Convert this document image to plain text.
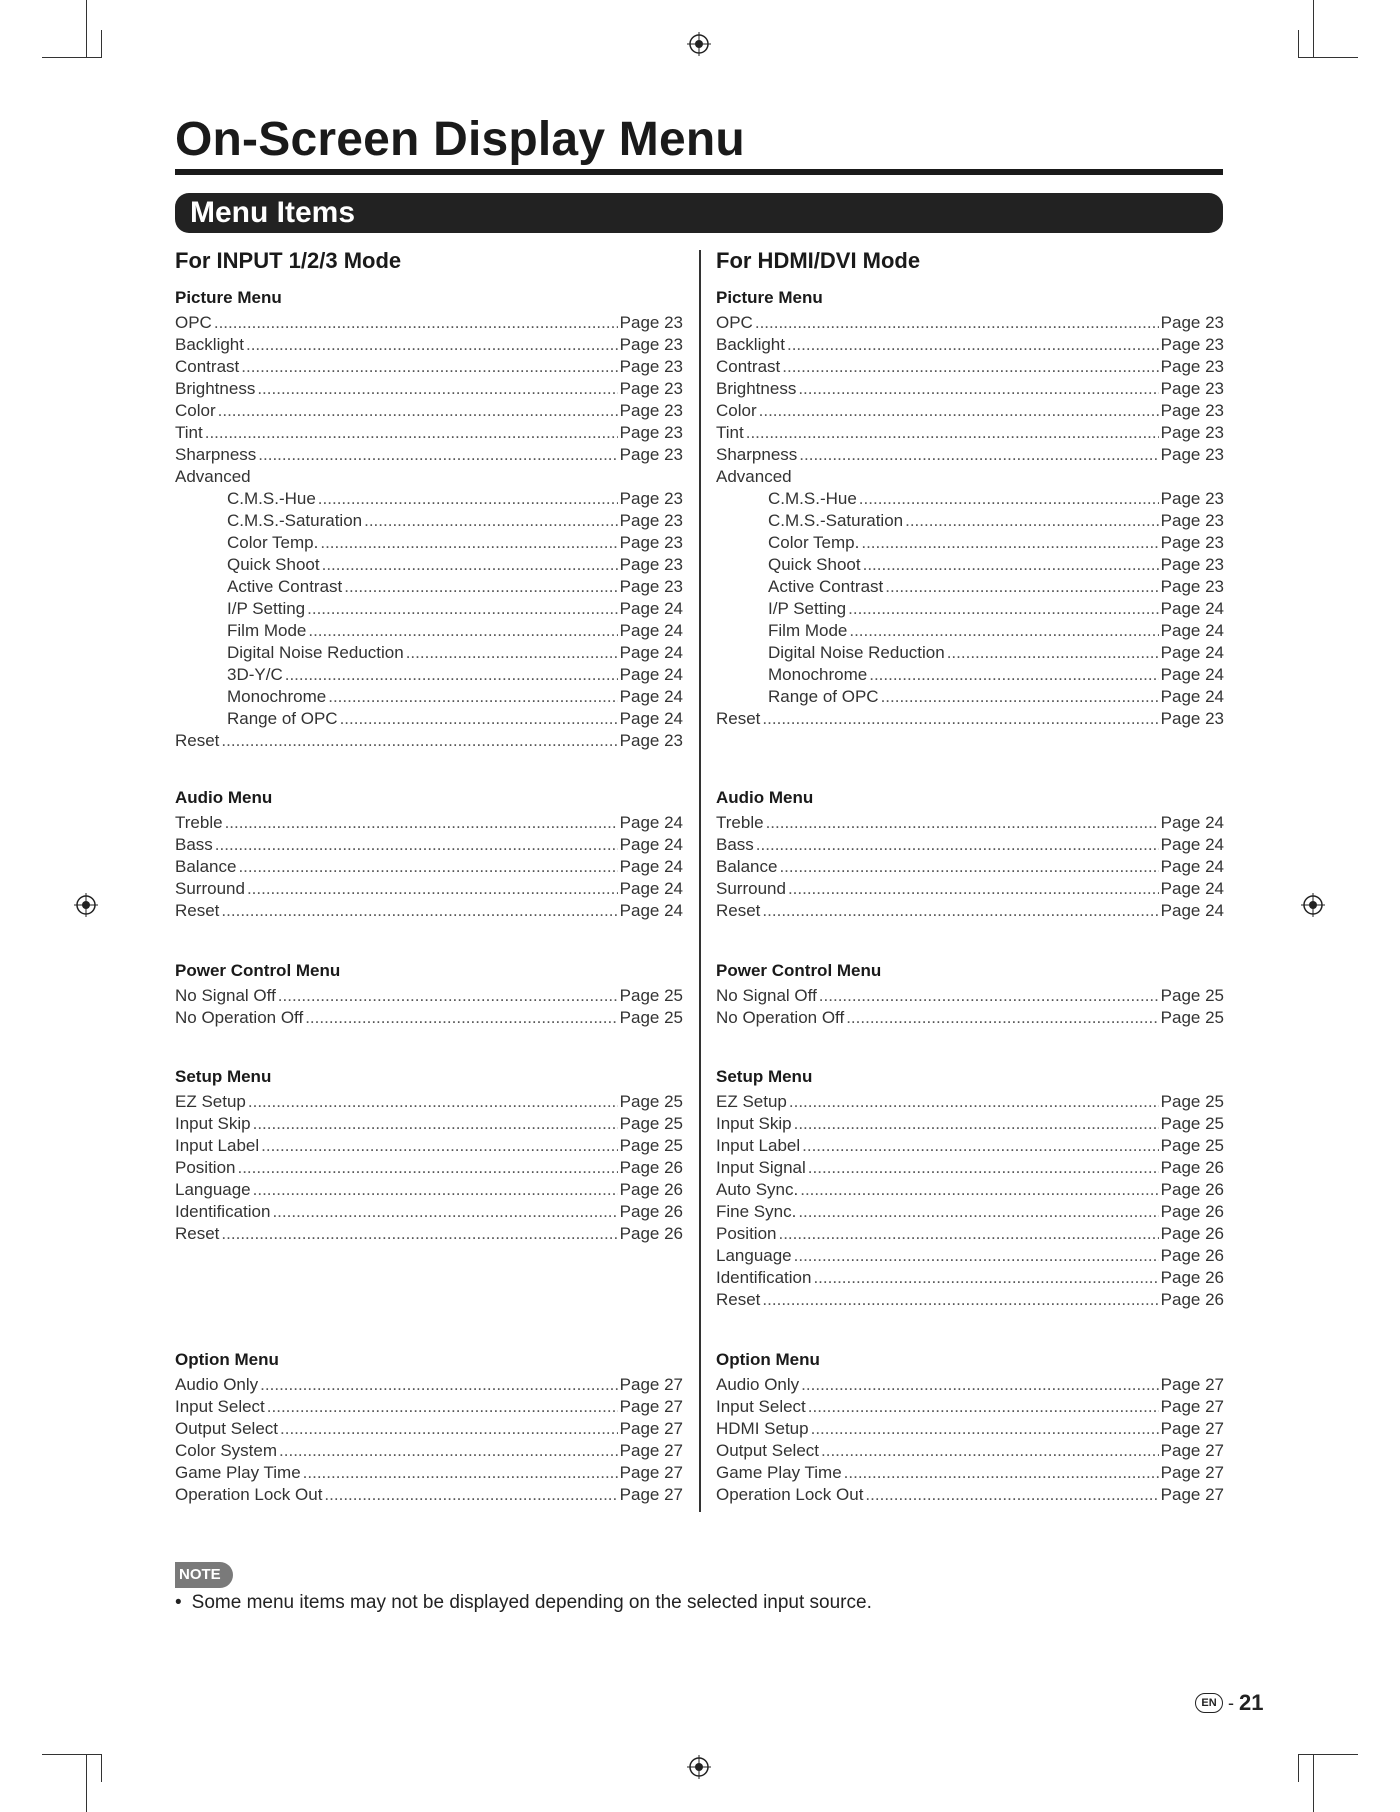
On-Screen Display Menu
Menu Items
For INPUT 1/2/3 Mode
Picture Menu
OPC .....	Page 23
Backlight .....	Page 23
Contrast .....	Page 23
Brightness .....	Page 23
Color .....	Page 23
Tint .....	Page 23
Sharpness .....	Page 23
Advanced
C.M.S.-Hue .....	Page 23
C.M.S.-Saturation .....	Page 23
Color Temp. .....	Page 23
Quick Shoot .....	Page 23
Active Contrast .....	Page 23
I/P Setting .....	Page 24
Film Mode .....	Page 24
Digital Noise Reduction .....	Page 24
3D-Y/C .....	Page 24
Monochrome .....	Page 24
Range of OPC .....	Page 24
Reset .....	Page 23
Audio Menu
Treble .....	Page 24
Bass .....	Page 24
Balance .....	Page 24
Surround .....	Page 24
Reset .....	Page 24
Power Control Menu
No Signal Off .....	Page 25
No Operation Off .....	Page 25
Setup Menu
EZ Setup .....	Page 25
Input Skip .....	Page 25
Input Label .....	Page 25
Position .....	Page 26
Language .....	Page 26
Identification .....	Page 26
Reset .....	Page 26
Option Menu
Audio Only .....	Page 27
Input Select .....	Page 27
Output Select .....	Page 27
Color System .....	Page 27
Game Play Time .....	Page 27
Operation Lock Out .....	Page 27
For HDMI/DVI Mode
Picture Menu
OPC .....	Page 23
Backlight .....	Page 23
Contrast .....	Page 23
Brightness .....	Page 23
Color .....	Page 23
Tint .....	Page 23
Sharpness .....	Page 23
Advanced
C.M.S.-Hue .....	Page 23
C.M.S.-Saturation .....	Page 23
Color Temp. .....	Page 23
Quick Shoot .....	Page 23
Active Contrast .....	Page 23
I/P Setting .....	Page 24
Film Mode .....	Page 24
Digital Noise Reduction .....	Page 24
Monochrome .....	Page 24
Range of OPC .....	Page 24
Reset .....	Page 23
Audio Menu
Treble .....	Page 24
Bass .....	Page 24
Balance .....	Page 24
Surround .....	Page 24
Reset .....	Page 24
Power Control Menu
No Signal Off .....	Page 25
No Operation Off .....	Page 25
Setup Menu
EZ Setup .....	Page 25
Input Skip .....	Page 25
Input Label .....	Page 25
Input Signal .....	Page 26
Auto Sync. .....	Page 26
Fine Sync. .....	Page 26
Position .....	Page 26
Language .....	Page 26
Identification .....	Page 26
Reset .....	Page 26
Option Menu
Audio Only .....	Page 27
Input Select .....	Page 27
HDMI Setup .....	Page 27
Output Select .....	Page 27
Game Play Time .....	Page 27
Operation Lock Out .....	Page 27
NOTE
• Some menu items may not be displayed depending on the selected input source.
EN - 21
